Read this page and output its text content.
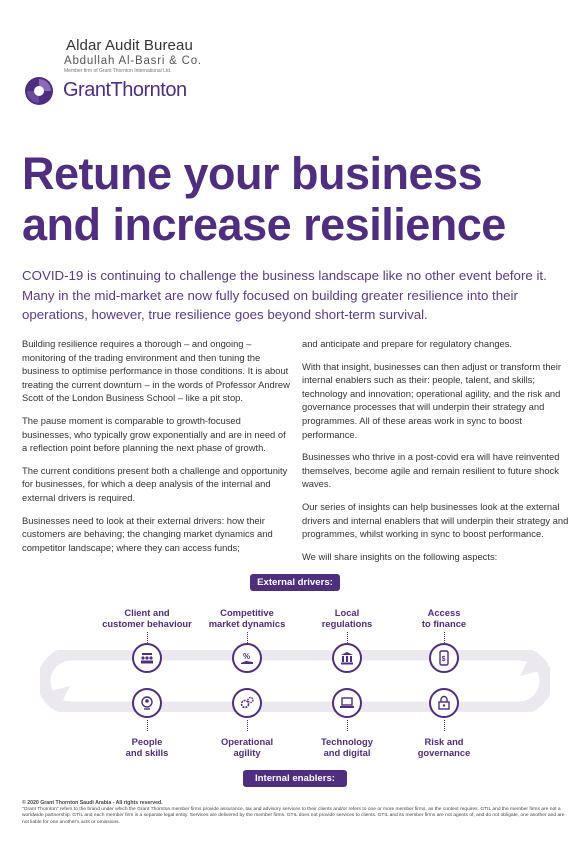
Aldar Audit Bureau
Abdullah Al-Basri & Co.
Member firm of Grant Thornton International Ltd.
GrantThornton
Retune your business
and increase resilience
COVID-19 is continuing to challenge the business landscape like no other event before it. Many in the mid-market are now fully focused on building greater resilience into their operations, however, true resilience goes beyond short-term survival.

Building resilience requires a thorough – and ongoing – monitoring of the trading environment and then tuning the business to optimise performance in those conditions. It is about treating the current downturn – in the words of Professor Andrew Scott of the London Business School – like a pit stop.

The pause moment is comparable to growth-focused businesses, who typically grow exponentially and are in need of a reflection point before planning the next phase of growth.

The current conditions present both a challenge and opportunity for businesses, for which a deep analysis of the internal and external drivers is required.

Businesses need to look at their external drivers: how their customers are behaving; the changing market dynamics and competitor landscape; where they can access funds;

and anticipate and prepare for regulatory changes.

With that insight, businesses can then adjust or transform their internal enablers such as their: people, talent, and skills; technology and innovation; operational agility, and the risk and governance processes that will underpin their strategy and programmes. All of these areas work in sync to boost performance.

Businesses who thrive in a post-covid era will have reinvented themselves, become agile and remain resilient to future shock waves.

Our series of insights can help businesses look at the external drivers and internal enablers that will underpin their strategy and programmes, whilst working in sync to boost performance.

We will share insights on the following aspects:

External drivers:
Internal enablers:
Client and
customer behaviour
Competitive
market dynamics
Local
regulations
Access
to finance
%	$
People
and skills
Operational
agility
Technology
and digital
Risk and
governance
© 2020 Grant Thornton Saudi Arabia - All rights reserved.
"Grant Thornton" refers to the brand under which the Grant Thornton member firms provide assurance, tax and advisory services to their clients and/or refers to one or more member firms, as the context requires. GTIL and the member firms are not a worldwide partnership. GTIL and each member firm is a separate legal entity. Services are delivered by the member firms. GTIL does not provide services to clients. GTIL and its member firms are not agents of, and do not obligate, one another and are not liable for one another's acts or omissions.
